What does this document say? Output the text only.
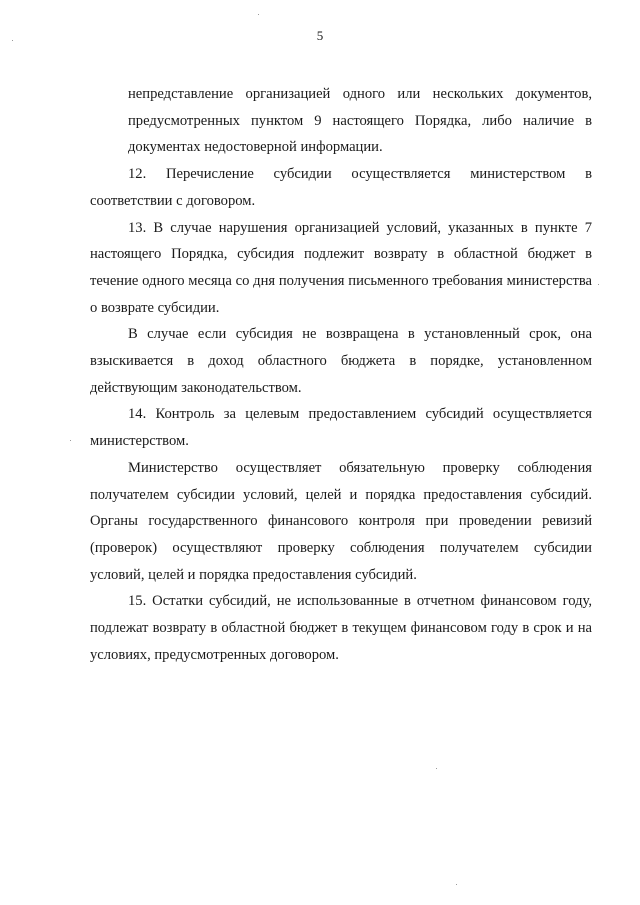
5

непредставление организацией одного или нескольких документов, предусмотренных пунктом 9 настоящего Порядка, либо наличие в документах недостоверной информации.

12. Перечисление субсидии осуществляется министерством в соответствии с договором.

13. В случае нарушения организацией условий, указанных в пункте 7 настоящего Порядка, субсидия подлежит возврату в областной бюджет в течение одного месяца со дня получения письменного требования министерства о возврате субсидии.

В случае если субсидия не возвращена в установленный срок, она взыскивается в доход областного бюджета в порядке, установленном действующим законодательством.

14. Контроль за целевым предоставлением субсидий осуществляется министерством.

Министерство осуществляет обязательную проверку соблюдения получателем субсидии условий, целей и порядка предоставления субсидий. Органы государственного финансового контроля при проведении ревизий (проверок) осуществляют проверку соблюдения получателем субсидии условий, целей и порядка предоставления субсидий.

15. Остатки субсидий, не использованные в отчетном финансовом году, подлежат возврату в областной бюджет в текущем финансовом году в срок и на условиях, предусмотренных договором.
